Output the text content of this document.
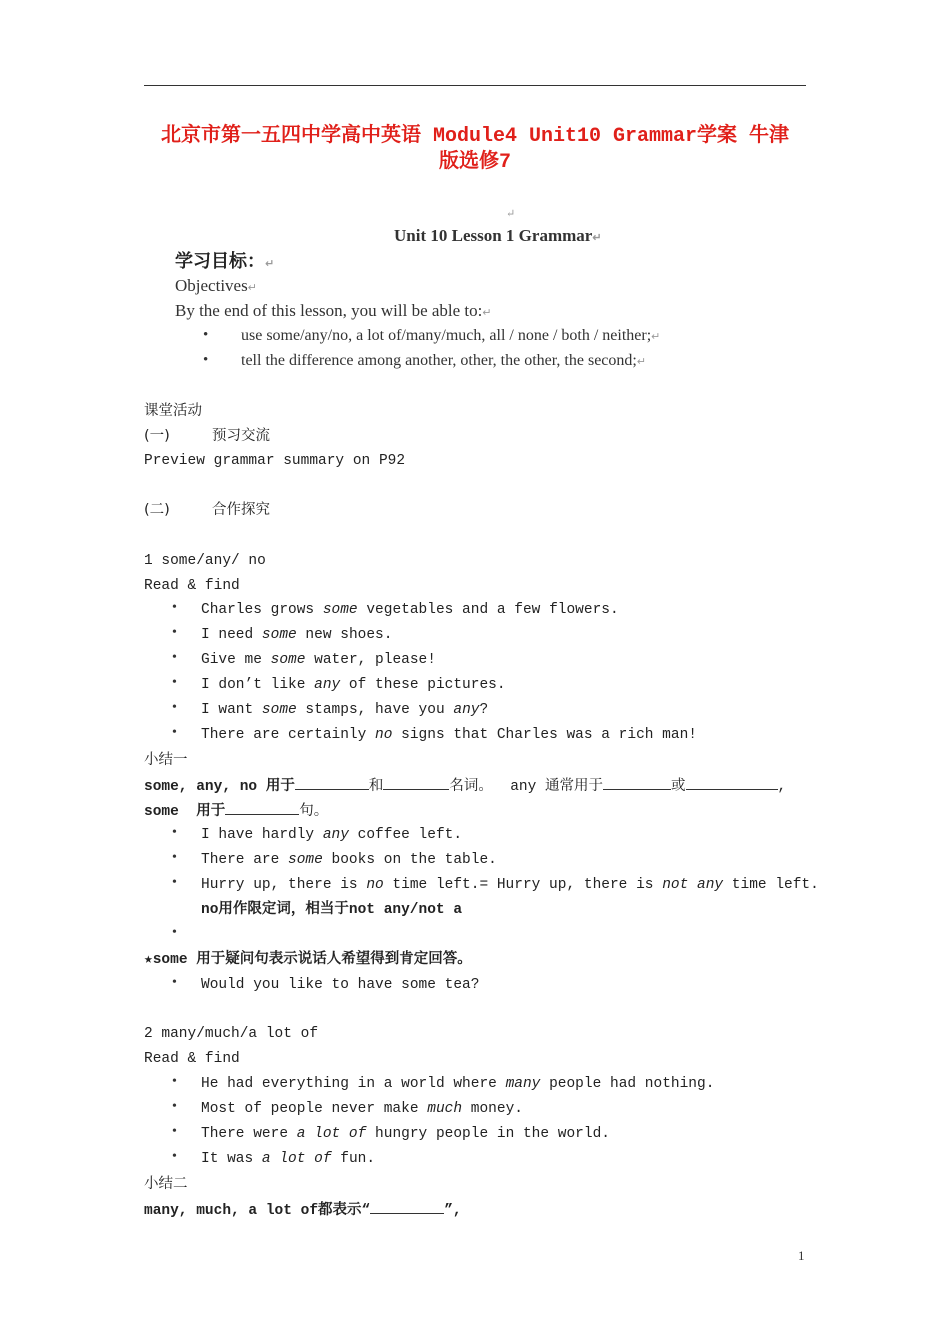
北京市第一五四中学高中英语 Module4 Unit10 Grammar学案 牛津
版选修7
↵
Unit 10 Lesson 1 Grammar↵
学习目标：↵
Objectives↵
By the end of this lesson, you will be able to:↵
• use some/any/no, a lot of/many/much, all / none / both / neither;↵
• tell the difference among another, other, the other, the second;↵
课堂活动
(一)	预习交流
Preview grammar summary on P92
(二)	合作探究
1 some/any/ no
Read & find
• Charles grows some vegetables and a few flowers.
• I need some new shoes.
• Give me some water, please!
• I don’t like any of these pictures.
• I want some stamps, have you any?
• There are certainly no signs that Charles was a rich man!
小结一
some, any, no 用于	和	名词。  any 通常用于	或	,
some  用于	句。
• I have hardly any coffee left.
• There are some books on the table.
• Hurry up, there is no time left.= Hurry up, there is not any time left.
no用作限定词，相当于not any/not a
•
★some 用于疑问句表示说话人希望得到肯定回答。
• Would you like to have some tea?
2 many/much/a lot of
Read & find
• He had everything in a world where many people had nothing.
• Most of people never make much money.
• There were a lot of hungry people in the world.
• It was a lot of fun.
小结二
many, much, a lot of都表示“	”,
1
